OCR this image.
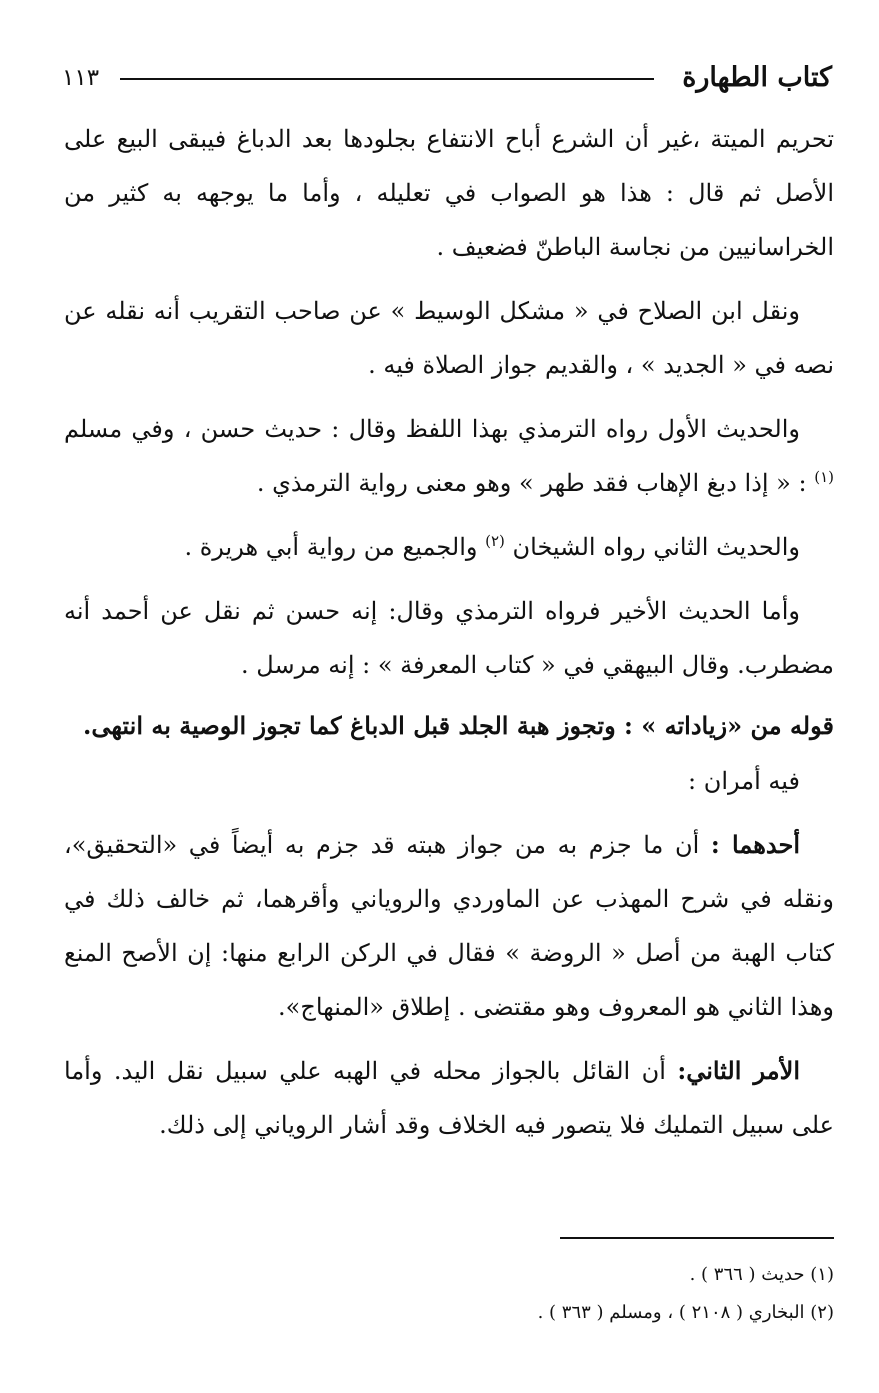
كتاب الطهارة
١١٣

تحريم الميتة ،غير أن الشرع أباح الانتفاع بجلودها بعد الدباغ فيبقى البيع على الأصل ثم قال : هذا هو الصواب في تعليله ، وأما ما يوجهه به كثير من الخراسانيين من نجاسة الباطنّ فضعيف .

ونقل ابن الصلاح في « مشكل الوسيط » عن صاحب التقريب أنه نقله عن نصه في « الجديد » ، والقديم جواز الصلاة فيه .

والحديث الأول رواه الترمذي بهذا اللفظ وقال : حديث حسن ، وفي مسلم $^{(١)}$ : « إذا دبغ الإهاب فقد طهر » وهو معنى رواية الترمذي .

والحديث الثاني رواه الشيخان $^{(٢)}$ والجميع من رواية أبي هريرة .

وأما الحديث الأخير فرواه الترمذي وقال: إنه حسن ثم نقل عن أحمد أنه مضطرب. وقال البيهقي في « كتاب المعرفة » : إنه مرسل .

قوله من «زياداته » : وتجوز هبة الجلد قبل الدباغ كما تجوز الوصية به انتهى.

فيه أمران :

أحدهما : أن ما جزم به من جواز هبته قد جزم به أيضاً في «التحقيق»، ونقله في شرح المهذب عن الماوردي والروياني وأقرهما، ثم خالف ذلك في كتاب الهبة من أصل « الروضة » فقال في الركن الرابع منها: إن الأصح المنع وهذا الثاني هو المعروف وهو مقتضى . إطلاق «المنهاج».

الأمر الثاني: أن القائل بالجواز محله في الهبه علي سبيل نقل اليد. وأما على سبيل التمليك فلا يتصور فيه الخلاف وقد أشار الروياني إلى ذلك.

(١) حديث ( ٣٦٦ ) .

(٢) البخاري ( ٢١٠٨ ) ، ومسلم ( ٣٦٣ ) .
